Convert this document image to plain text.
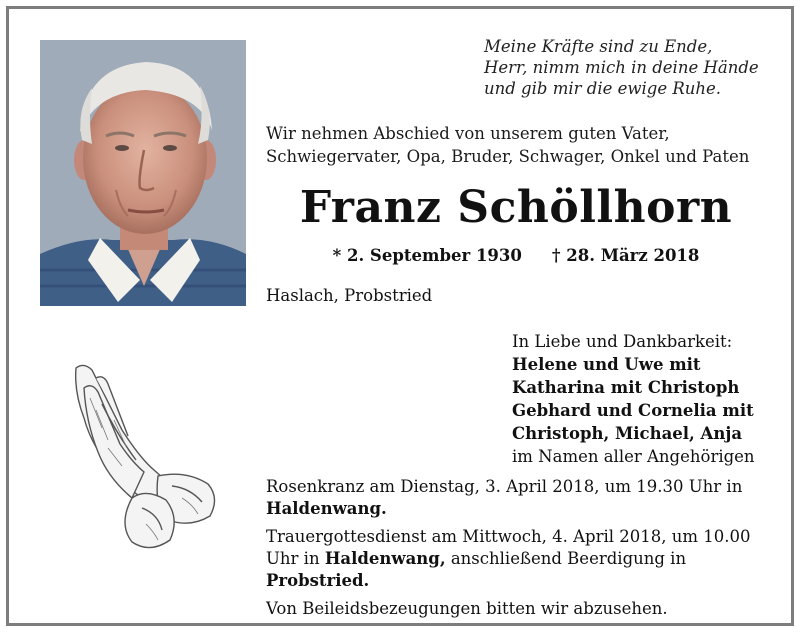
Meine Kräfte sind zu Ende,
Herr, nimm mich in deine Hände
und gib mir die ewige Ruhe.
Wir nehmen Abschied von unserem guten Vater,
Schwiegervater, Opa, Bruder, Schwager, Onkel und Paten
Franz Schöllhorn
* 2. September 1930 † 28. März 2018
Haslach, Probstried
In Liebe und Dankbarkeit:
Helene und Uwe mit
Katharina mit Christoph
Gebhard und Cornelia mit
Christoph, Michael, Anja
im Namen aller Angehörigen

Rosenkranz am Dienstag, 3. April 2018, um 19.30 Uhr in
Haldenwang.

Trauergottesdienst am Mittwoch, 4. April 2018, um 10.00 Uhr in Haldenwang, anschließend Beerdigung in Probstried.

Von Beileidsbezeugungen bitten wir abzusehen.
